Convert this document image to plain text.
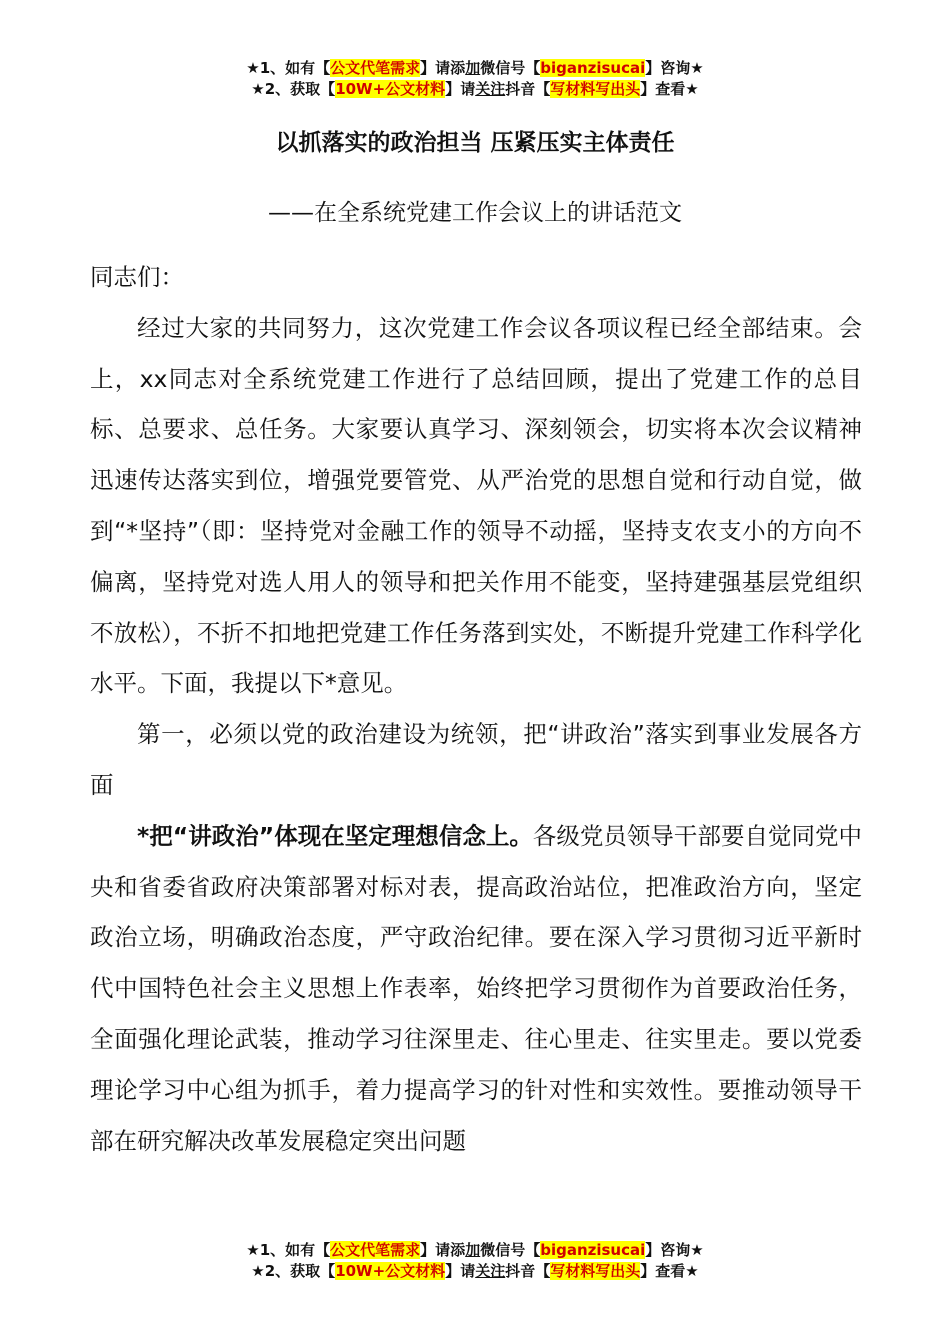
★1、如有【公文代笔需求】请添加微信号【biganzisucai】咨询★
★2、获取【10W+公文材料】请关注抖音【写材料写出头】查看★
以抓落实的政治担当 压紧压实主体责任
——在全系统党建工作会议上的讲话范文

同志们：

经过大家的共同努力，这次党建工作会议各项议程已经全部结束。会上，xx同志对全系统党建工作进行了总结回顾，提出了党建工作的总目标、总要求、总任务。大家要认真学习、深刻领会，切实将本次会议精神迅速传达落实到位，增强党要管党、从严治党的思想自觉和行动自觉，做到“*坚持”（即：坚持党对金融工作的领导不动摇，坚持支农支小的方向不偏离，坚持党对选人用人的领导和把关作用不能变，坚持建强基层党组织不放松），不折不扣地把党建工作任务落到实处，不断提升党建工作科学化水平。下面，我提以下*意见。

第一，必须以党的政治建设为统领，把“讲政治”落实到事业发展各方面

*把“讲政治”体现在坚定理想信念上。各级党员领导干部要自觉同党中央和省委省政府决策部署对标对表，提高政治站位，把准政治方向，坚定政治立场，明确政治态度，严守政治纪律。要在深入学习贯彻习近平新时代中国特色社会主义思想上作表率，始终把学习贯彻作为首要政治任务，全面强化理论武装，推动学习往深里走、往心里走、往实里走。要以党委理论学习中心组为抓手，着力提高学习的针对性和实效性。要推动领导干部在研究解决改革发展稳定突出问题

★1、如有【公文代笔需求】请添加微信号【biganzisucai】咨询★
★2、获取【10W+公文材料】请关注抖音【写材料写出头】查看★
